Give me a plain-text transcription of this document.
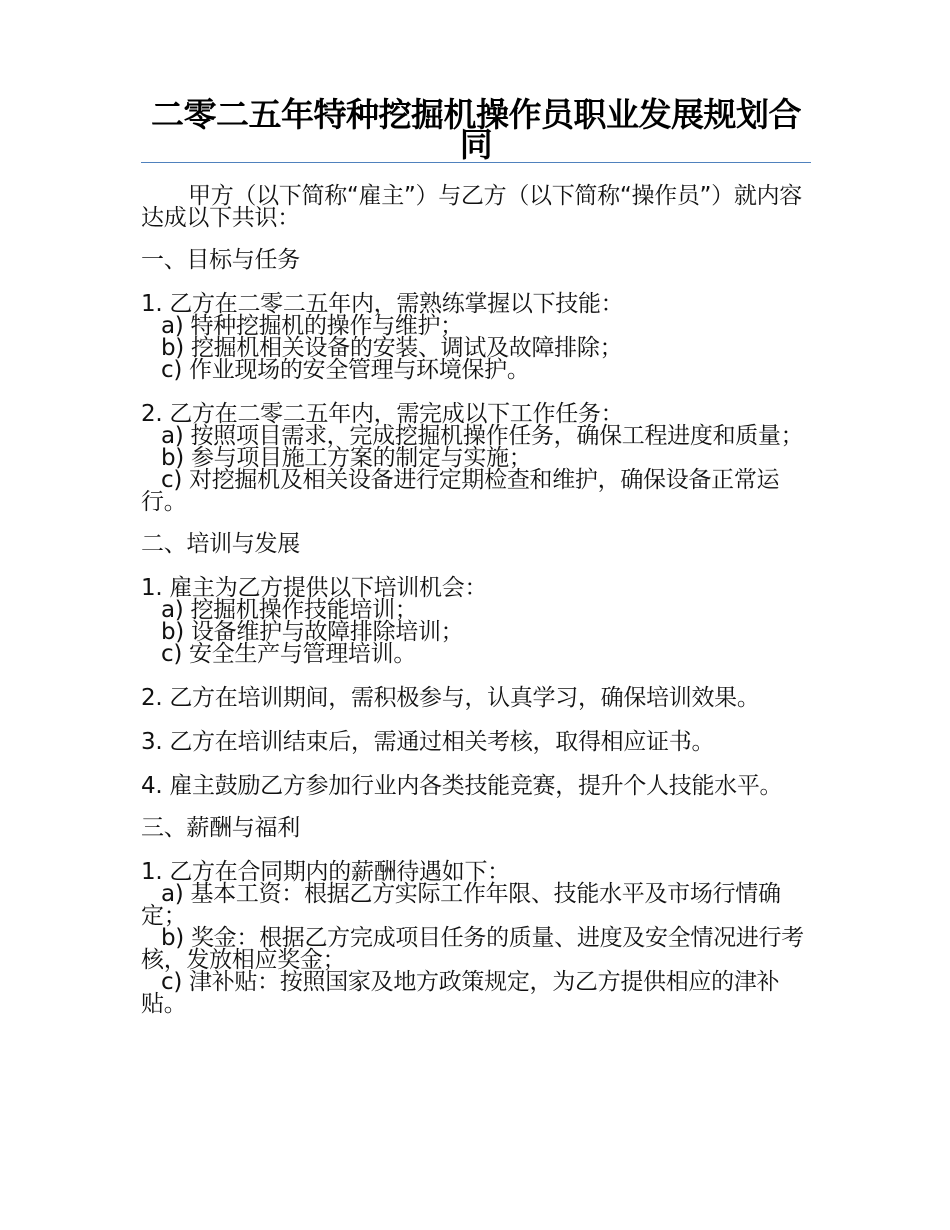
二零二五年特种挖掘机操作员职业发展规划合同

甲方（以下简称“雇主”）与乙方（以下简称“操作员”）就内容达成以下共识：

一、目标与任务

1. 乙方在二零二五年内，需熟练掌握以下技能：
a) 特种挖掘机的操作与维护；
b) 挖掘机相关设备的安装、调试及故障排除；
c) 作业现场的安全管理与环境保护。
2. 乙方在二零二五年内，需完成以下工作任务：
a) 按照项目需求，完成挖掘机操作任务，确保工程进度和质量；
b) 参与项目施工方案的制定与实施；
c) 对挖掘机及相关设备进行定期检查和维护，确保设备正常运行。

二、培训与发展

1. 雇主为乙方提供以下培训机会：
a) 挖掘机操作技能培训；
b) 设备维护与故障排除培训；
c) 安全生产与管理培训。

2. 乙方在培训期间，需积极参与，认真学习，确保培训效果。

3. 乙方在培训结束后，需通过相关考核，取得相应证书。

4. 雇主鼓励乙方参加行业内各类技能竞赛，提升个人技能水平。

三、薪酬与福利

1. 乙方在合同期内的薪酬待遇如下：
a) 基本工资：根据乙方实际工作年限、技能水平及市场行情确定；
b) 奖金：根据乙方完成项目任务的质量、进度及安全情况进行考核，发放相应奖金；
c) 津补贴：按照国家及地方政策规定，为乙方提供相应的津补贴。
